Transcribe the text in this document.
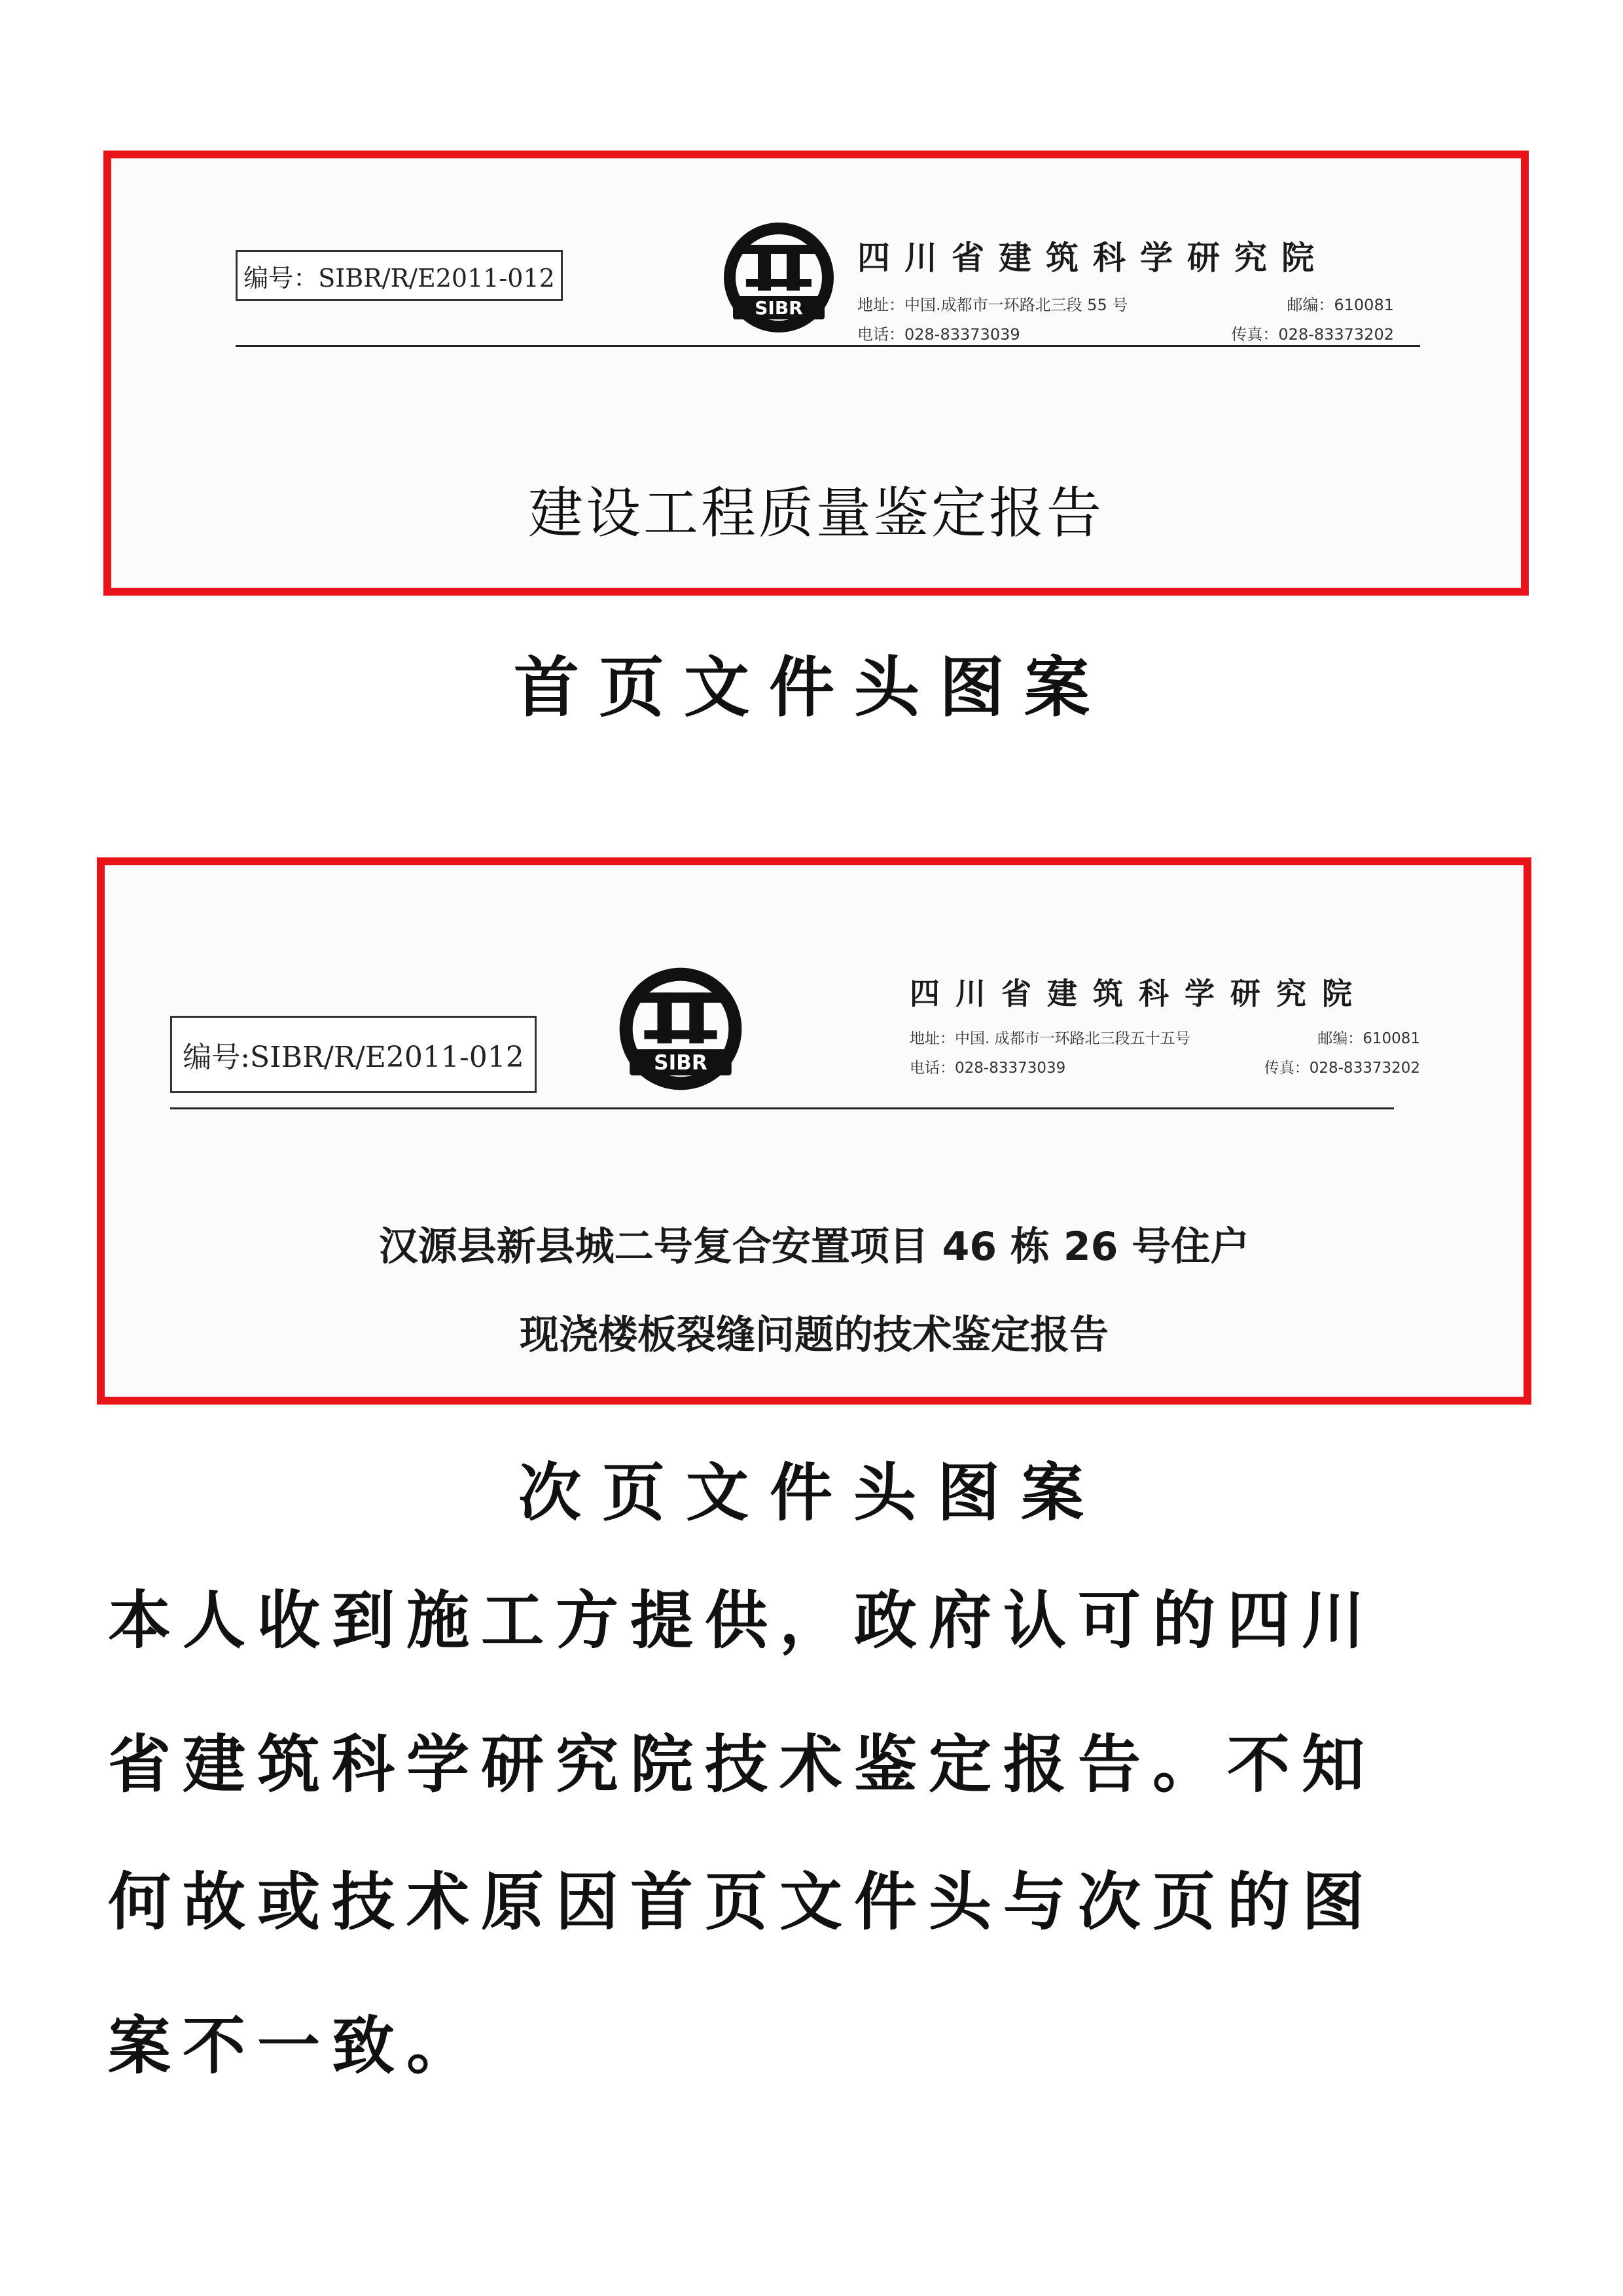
编号：SIBR/R/E2011-012
SIBR
四川省建筑科学研究院
地址：中国.成都市一环路北三段 55 号	邮编：610081
电话：028-83373039	传真：028-83373202
建设工程质量鉴定报告
首页文件头图案
编号:SIBR/R/E2011-012	SIBR
四川省建筑科学研究院
地址：中国. 成都市一环路北三段五十五号	邮编：610081
电话：028-83373039	传真：028-83373202
汉源县新县城二号复合安置项目 46 栋 26 号住户
现浇楼板裂缝问题的技术鉴定报告
次页文件头图案
本人收到施工方提供，政府认可的四川
省建筑科学研究院技术鉴定报告。不知
何故或技术原因首页文件头与次页的图
案不一致。
